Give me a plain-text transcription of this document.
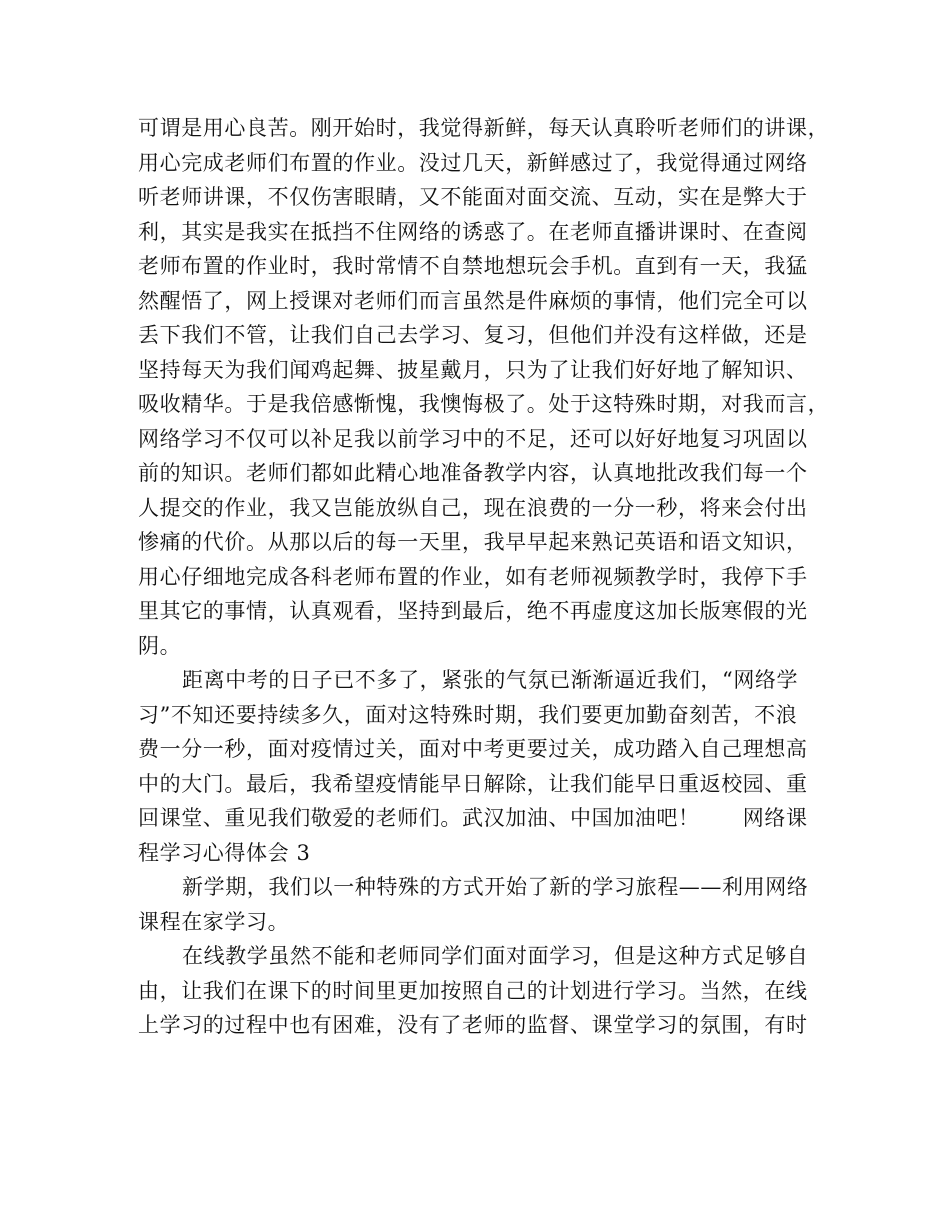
可谓是用心良苦。刚开始时，我觉得新鲜，每天认真聆听老师们的讲课，
用心完成老师们布置的作业。没过几天，新鲜感过了，我觉得通过网络
听老师讲课，不仅伤害眼睛，又不能面对面交流、互动，实在是弊大于
利，其实是我实在抵挡不住网络的诱惑了。在老师直播讲课时、在查阅
老师布置的作业时，我时常情不自禁地想玩会手机。直到有一天，我猛
然醒悟了，网上授课对老师们而言虽然是件麻烦的事情，他们完全可以
丢下我们不管，让我们自己去学习、复习，但他们并没有这样做，还是
坚持每天为我们闻鸡起舞、披星戴月，只为了让我们好好地了解知识、
吸收精华。于是我倍感惭愧，我懊悔极了。处于这特殊时期，对我而言，
网络学习不仅可以补足我以前学习中的不足，还可以好好地复习巩固以
前的知识。老师们都如此精心地准备教学内容，认真地批改我们每一个
人提交的作业，我又岂能放纵自己，现在浪费的一分一秒，将来会付出
惨痛的代价。从那以后的每一天里，我早早起来熟记英语和语文知识，
用心仔细地完成各科老师布置的作业，如有老师视频教学时，我停下手
里其它的事情，认真观看，坚持到最后，绝不再虚度这加长版寒假的光
阴。
距离中考的日子已不多了，紧张的气氛已渐渐逼近我们，“网络学
习”不知还要持续多久，面对这特殊时期，我们要更加勤奋刻苦，不浪
费一分一秒，面对疫情过关，面对中考更要过关，成功踏入自己理想高
中的大门。最后，我希望疫情能早日解除，让我们能早日重返校园、重
回课堂、重见我们敬爱的老师们。武汉加油、中国加油吧！　　网络课
程学习心得体会 3
新学期，我们以一种特殊的方式开始了新的学习旅程——利用网络
课程在家学习。
在线教学虽然不能和老师同学们面对面学习，但是这种方式足够自
由，让我们在课下的时间里更加按照自己的计划进行学习。当然，在线
上学习的过程中也有困难，没有了老师的监督、课堂学习的氛围，有时
